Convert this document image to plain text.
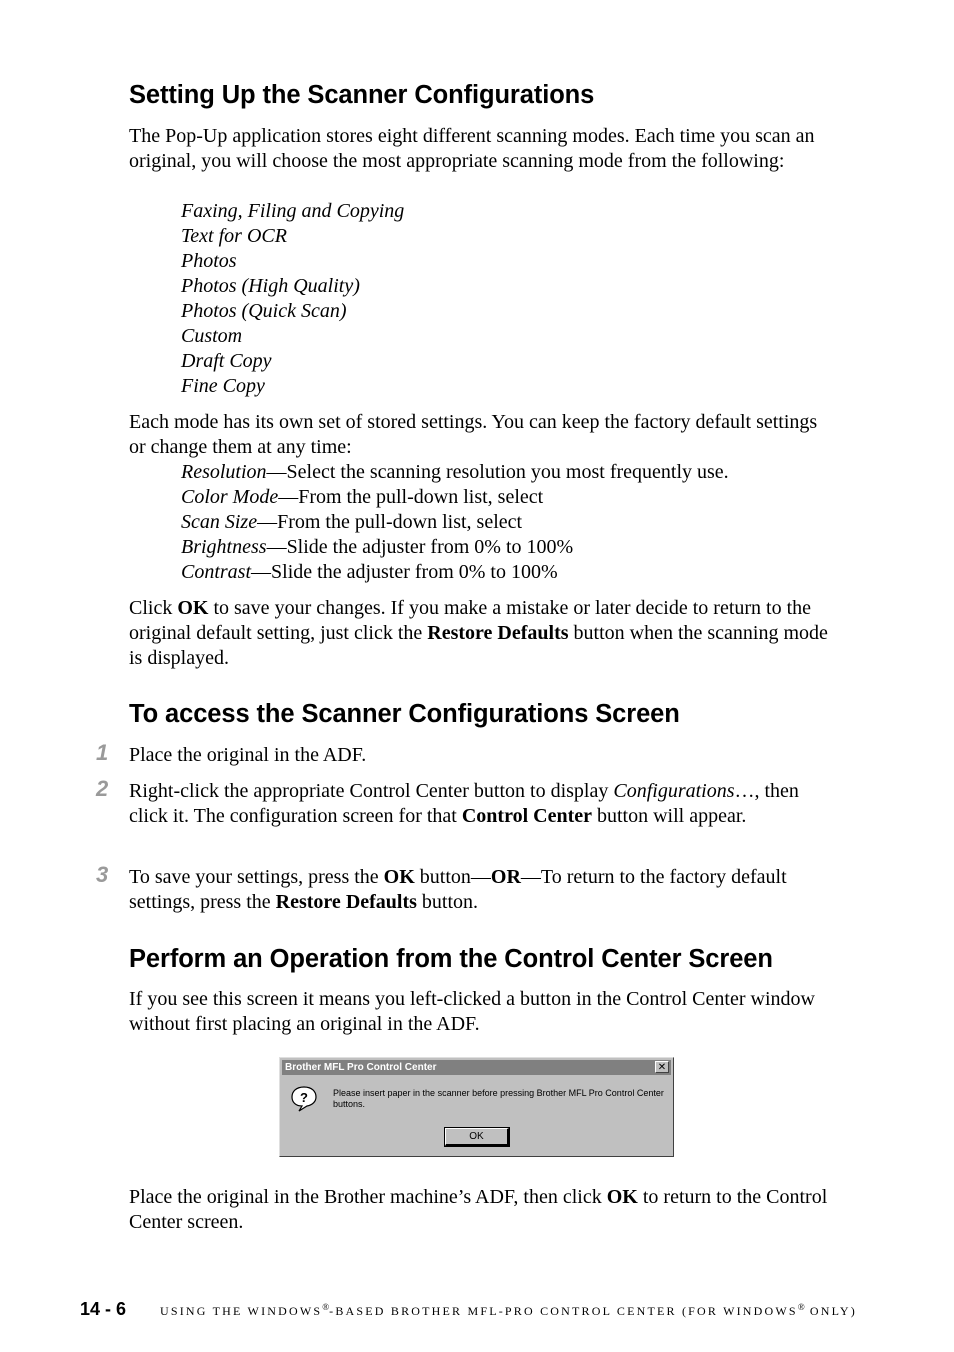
Setting Up the Scanner Configurations
The Pop-Up application stores eight different scanning modes. Each time you scan an original, you will choose the most appropriate scanning mode from the following:
Faxing, Filing and Copying
Text for OCR
Photos
Photos (High Quality)
Photos (Quick Scan)
Custom
Draft Copy
Fine Copy
Each mode has its own set of stored settings. You can keep the factory default settings or change them at any time:
Resolution—Select the scanning resolution you most frequently use.
Color Mode—From the pull-down list, select
Scan Size—From the pull-down list, select
Brightness—Slide the adjuster from 0% to 100%
Contrast—Slide the adjuster from 0% to 100%
Click OK to save your changes. If you make a mistake or later decide to return to the original default setting, just click the Restore Defaults button when the scanning mode is displayed.
To access the Scanner Configurations Screen
1 Place the original in the ADF.
2 Right-click the appropriate Control Center button to display Configurations…, then click it. The configuration screen for that Control Center button will appear.
3 To save your settings, press the OK button—OR—To return to the factory default settings, press the Restore Defaults button.
Perform an Operation from the Control Center Screen
If you see this screen it means you left-clicked a button in the Control Center window without first placing an original in the ADF.
Brother MFL Pro Control Center	✕
?	Please insert paper in the scanner before pressing Brother MFL Pro Control Center buttons.
OK
Place the original in the Brother machine’s ADF, then click OK to return to the Control Center screen.
14 - 6	USING THE WINDOWS®-BASED BROTHER MFL-PRO CONTROL CENTER (FOR WINDOWS® ONLY)
